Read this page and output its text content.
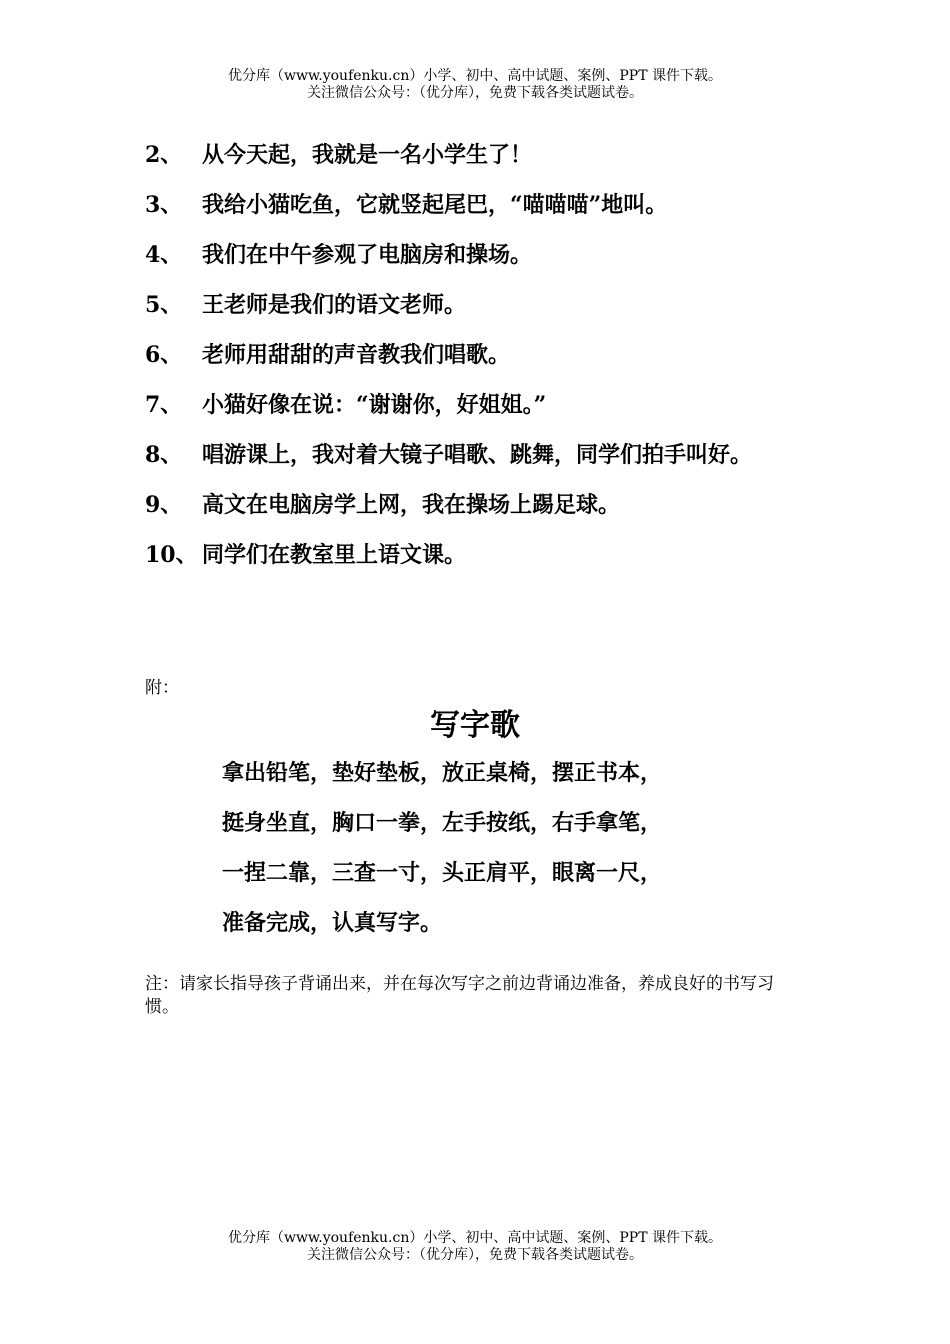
优分库（www.youfenku.cn）小学、初中、高中试题、案例、PPT 课件下载。
关注微信公众号：（优分库），免费下载各类试题试卷。
2、 从今天起，我就是一名小学生了！
3、 我给小猫吃鱼，它就竖起尾巴，“喵喵喵”地叫。
4、 我们在中午参观了电脑房和操场。
5、 王老师是我们的语文老师。
6、 老师用甜甜的声音教我们唱歌。
7、 小猫好像在说：“谢谢你，好姐姐。”
8、 唱游课上，我对着大镜子唱歌、跳舞，同学们拍手叫好。
9、 高文在电脑房学上网，我在操场上踢足球。
10、 同学们在教室里上语文课。
附：
写字歌
拿出铅笔，垫好垫板，放正桌椅，摆正书本，
挺身坐直，胸口一拳，左手按纸，右手拿笔，
一捏二靠，三查一寸，头正肩平，眼离一尺，
准备完成，认真写字。
注：请家长指导孩子背诵出来，并在每次写字之前边背诵边准备，养成良好的书写习惯。
优分库（www.youfenku.cn）小学、初中、高中试题、案例、PPT 课件下载。
关注微信公众号：（优分库），免费下载各类试题试卷。
